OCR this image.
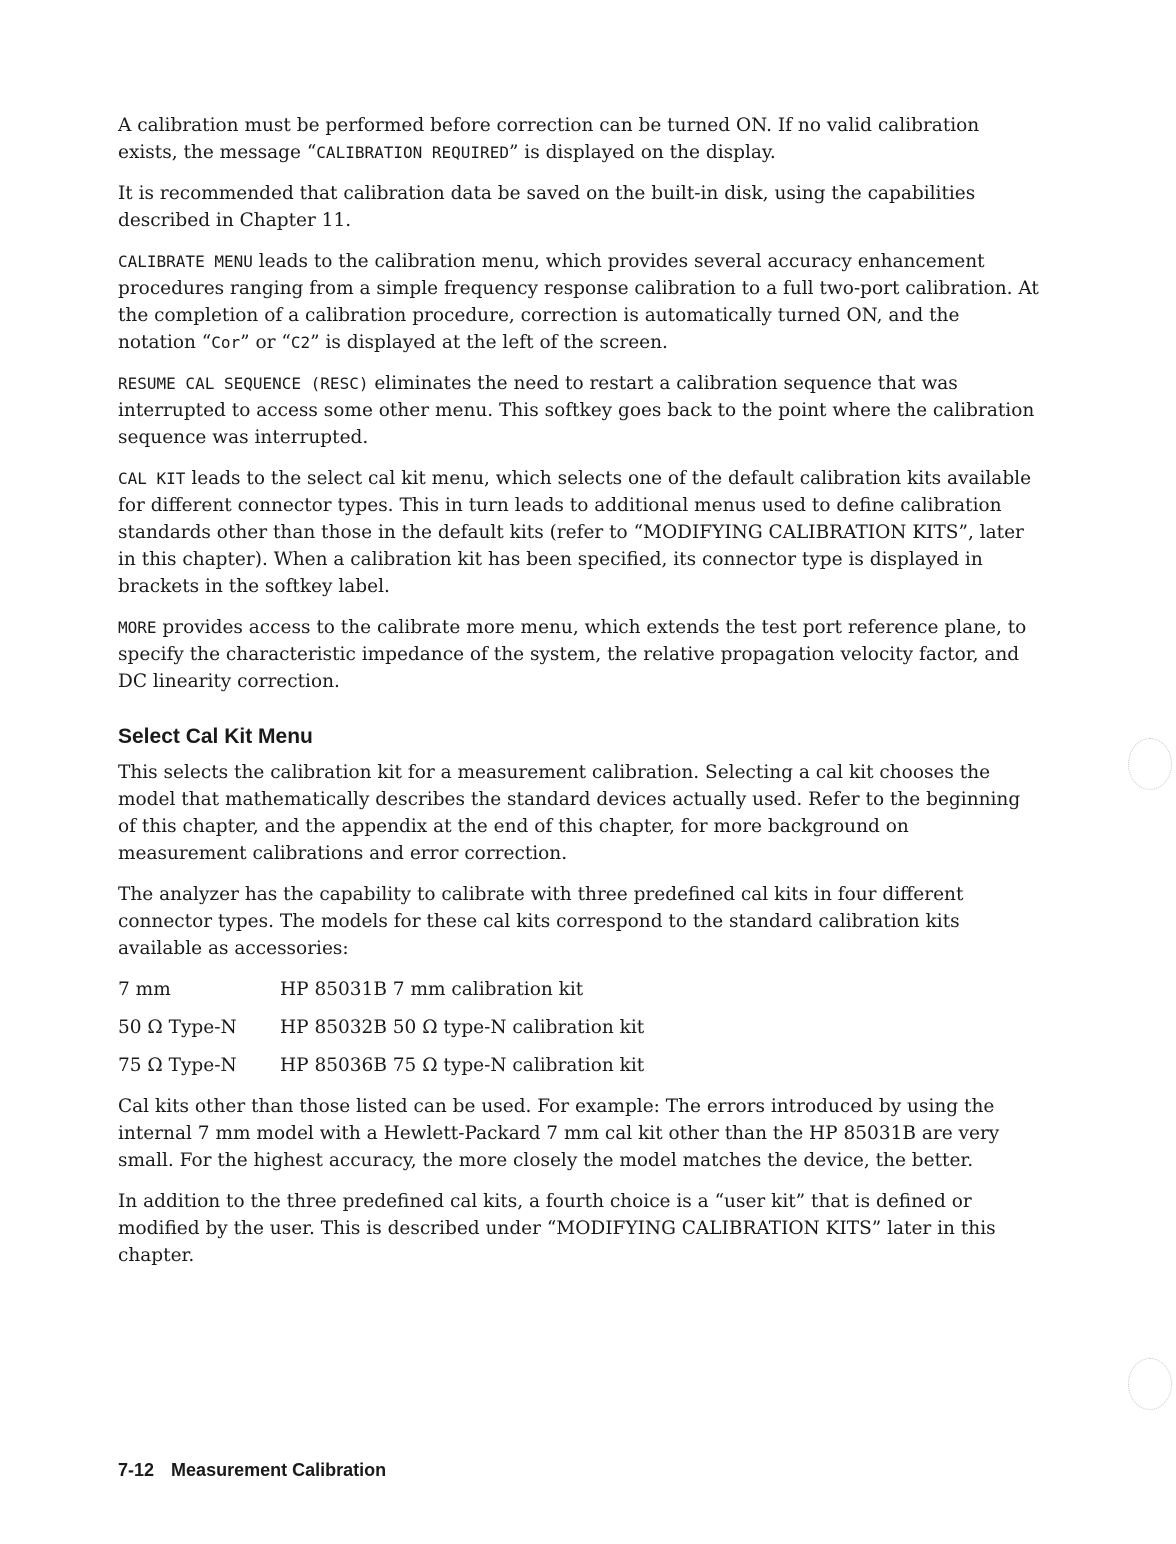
A calibration must be performed before correction can be turned ON. If no valid calibration exists, the message “CALIBRATION REQUIRED” is displayed on the display.

It is recommended that calibration data be saved on the built-in disk, using the capabilities described in Chapter 11.

CALIBRATE MENU leads to the calibration menu, which provides several accuracy enhancement procedures ranging from a simple frequency response calibration to a full two-port calibration. At the completion of a calibration procedure, correction is automatically turned ON, and the notation “Cor” or “C2” is displayed at the left of the screen.

RESUME CAL SEQUENCE (RESC) eliminates the need to restart a calibration sequence that was interrupted to access some other menu. This softkey goes back to the point where the calibration sequence was interrupted.

CAL KIT leads to the select cal kit menu, which selects one of the default calibration kits available for different connector types. This in turn leads to additional menus used to define calibration standards other than those in the default kits (refer to “MODIFYING CALIBRATION KITS”, later in this chapter). When a calibration kit has been specified, its connector type is displayed in brackets in the softkey label.

MORE provides access to the calibrate more menu, which extends the test port reference plane, to specify the characteristic impedance of the system, the relative propagation velocity factor, and DC linearity correction.

Select Cal Kit Menu

This selects the calibration kit for a measurement calibration. Selecting a cal kit chooses the model that mathematically describes the standard devices actually used. Refer to the beginning of this chapter, and the appendix at the end of this chapter, for more background on measurement calibrations and error correction.

The analyzer has the capability to calibrate with three predefined cal kits in four different connector types. The models for these cal kits correspond to the standard calibration kits available as accessories:

7 mm	HP 85031B 7 mm calibration kit
50 Ω Type-N	HP 85032B 50 Ω type-N calibration kit
75 Ω Type-N	HP 85036B 75 Ω type-N calibration kit

Cal kits other than those listed can be used. For example: The errors introduced by using the internal 7 mm model with a Hewlett-Packard 7 mm cal kit other than the HP 85031B are very small. For the highest accuracy, the more closely the model matches the device, the better.

In addition to the three predefined cal kits, a fourth choice is a “user kit” that is defined or modified by the user. This is described under “MODIFYING CALIBRATION KITS” later in this chapter.

7-12 Measurement Calibration
